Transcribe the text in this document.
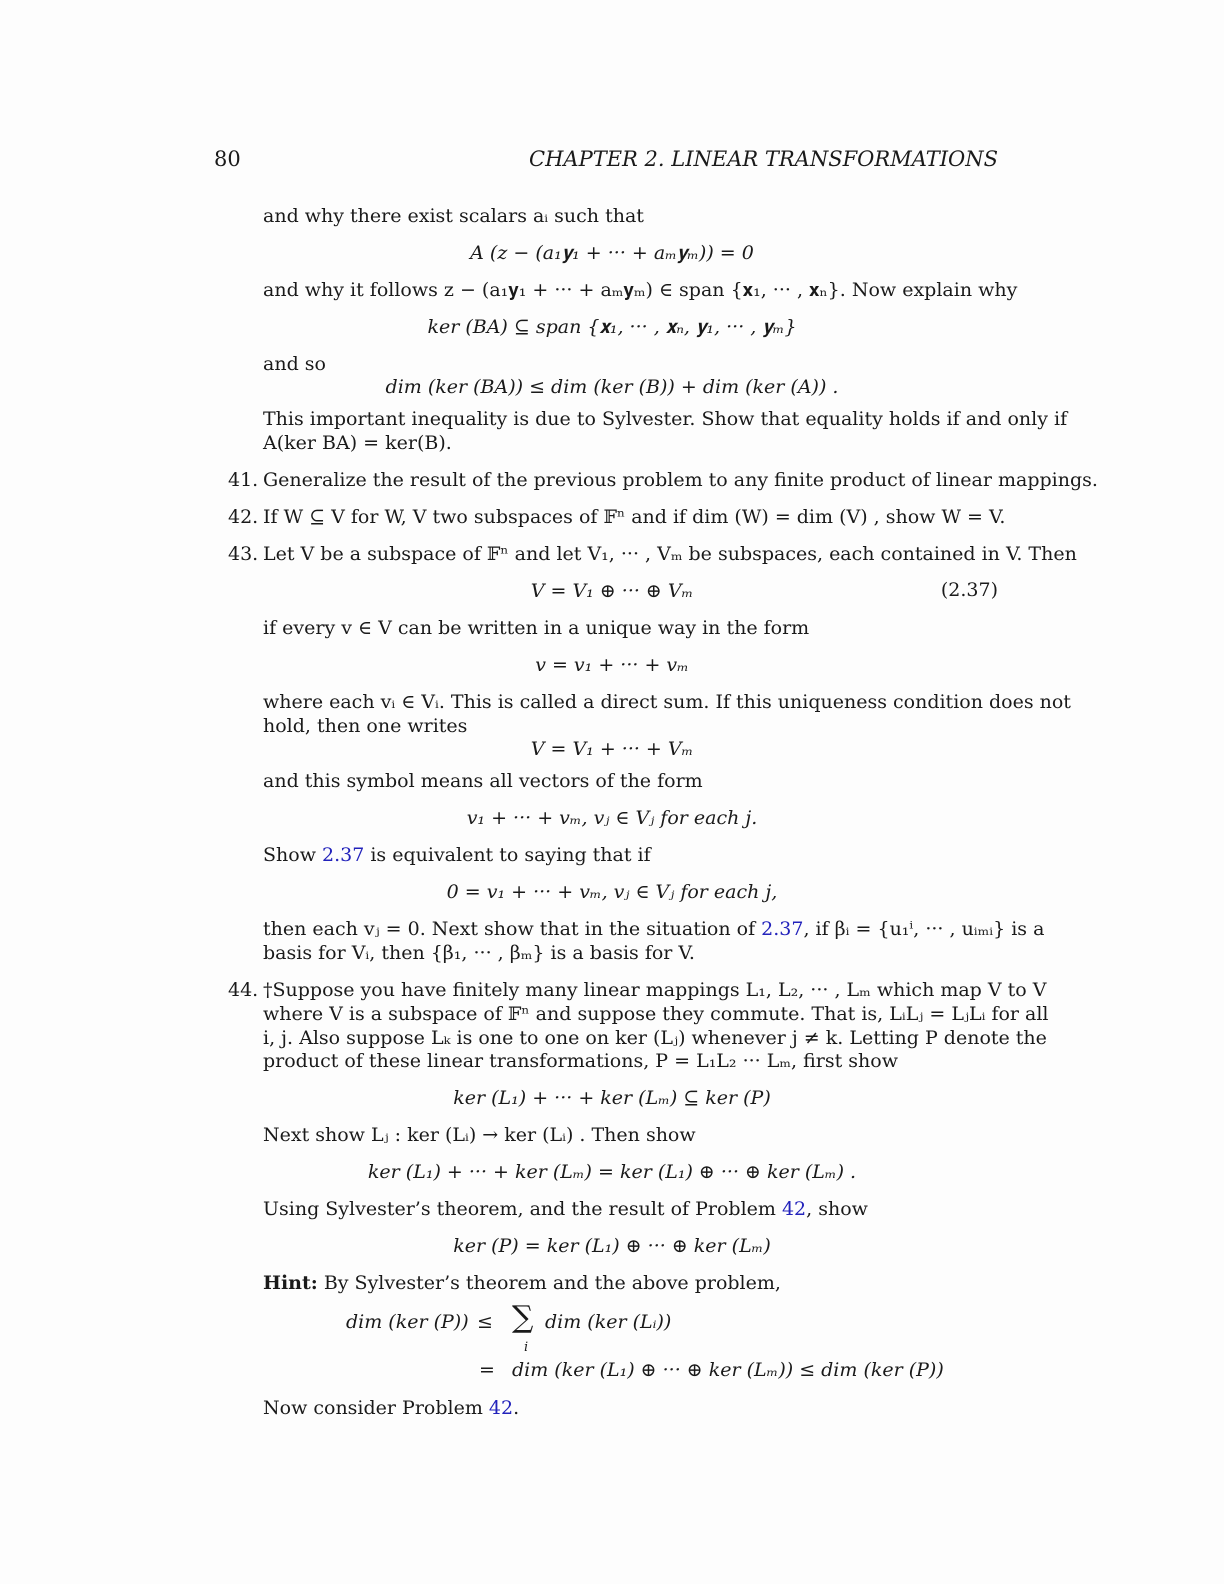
80	CHAPTER 2. LINEAR TRANSFORMATIONS
and why there exist scalars aᵢ such that
A (z − (a₁𝐲₁ + ··· + aₘ𝐲ₘ)) = 0
and why it follows z − (a₁𝐲₁ + ··· + aₘ𝐲ₘ) ∈ span {𝐱₁, ··· , 𝐱ₙ}. Now explain why
ker (BA) ⊆ span {𝐱₁, ··· , 𝐱ₙ, 𝐲₁, ··· , 𝐲ₘ}
and so
dim (ker (BA)) ≤ dim (ker (B)) + dim (ker (A)) .
This important inequality is due to Sylvester. Show that equality holds if and only if
A(ker BA) = ker(B).
41. Generalize the result of the previous problem to any finite product of linear mappings.
42. If W ⊆ V for W, V two subspaces of 𝔽ⁿ and if dim (W) = dim (V) , show W = V.
43. Let V be a subspace of 𝔽ⁿ and let V₁, ··· , Vₘ be subspaces, each contained in V. Then
V = V₁ ⊕ ··· ⊕ Vₘ	(2.37)
if every v ∈ V can be written in a unique way in the form
v = v₁ + ··· + vₘ
where each vᵢ ∈ Vᵢ. This is called a direct sum. If this uniqueness condition does not
hold, then one writes
V = V₁ + ··· + Vₘ
and this symbol means all vectors of the form
v₁ + ··· + vₘ, vⱼ ∈ Vⱼ for each j.
Show 2.37 is equivalent to saying that if
0 = v₁ + ··· + vₘ, vⱼ ∈ Vⱼ for each j,
then each vⱼ = 0. Next show that in the situation of 2.37, if βᵢ = {u₁ⁱ, ··· , uᵢₘᵢ} is a
basis for Vᵢ, then {β₁, ··· , βₘ} is a basis for V.
44. †Suppose you have finitely many linear mappings L₁, L₂, ··· , Lₘ which map V to V
where V is a subspace of 𝔽ⁿ and suppose they commute. That is, LᵢLⱼ = LⱼLᵢ for all
i, j. Also suppose Lₖ is one to one on ker (Lⱼ) whenever j ≠ k. Letting P denote the
product of these linear transformations, P = L₁L₂ ··· Lₘ, first show
ker (L₁) + ··· + ker (Lₘ) ⊆ ker (P)
Next show Lⱼ : ker (Lᵢ) → ker (Lᵢ) . Then show
ker (L₁) + ··· + ker (Lₘ) = ker (L₁) ⊕ ··· ⊕ ker (Lₘ) .
Using Sylvester’s theorem, and the result of Problem 42, show
ker (P) = ker (L₁) ⊕ ··· ⊕ ker (Lₘ)
Hint: By Sylvester’s theorem and the above problem,
dim (ker (P)) ≤ ∑
i
dim (ker (Lᵢ))
= dim (ker (L₁) ⊕ ··· ⊕ ker (Lₘ)) ≤ dim (ker (P))
Now consider Problem 42.
